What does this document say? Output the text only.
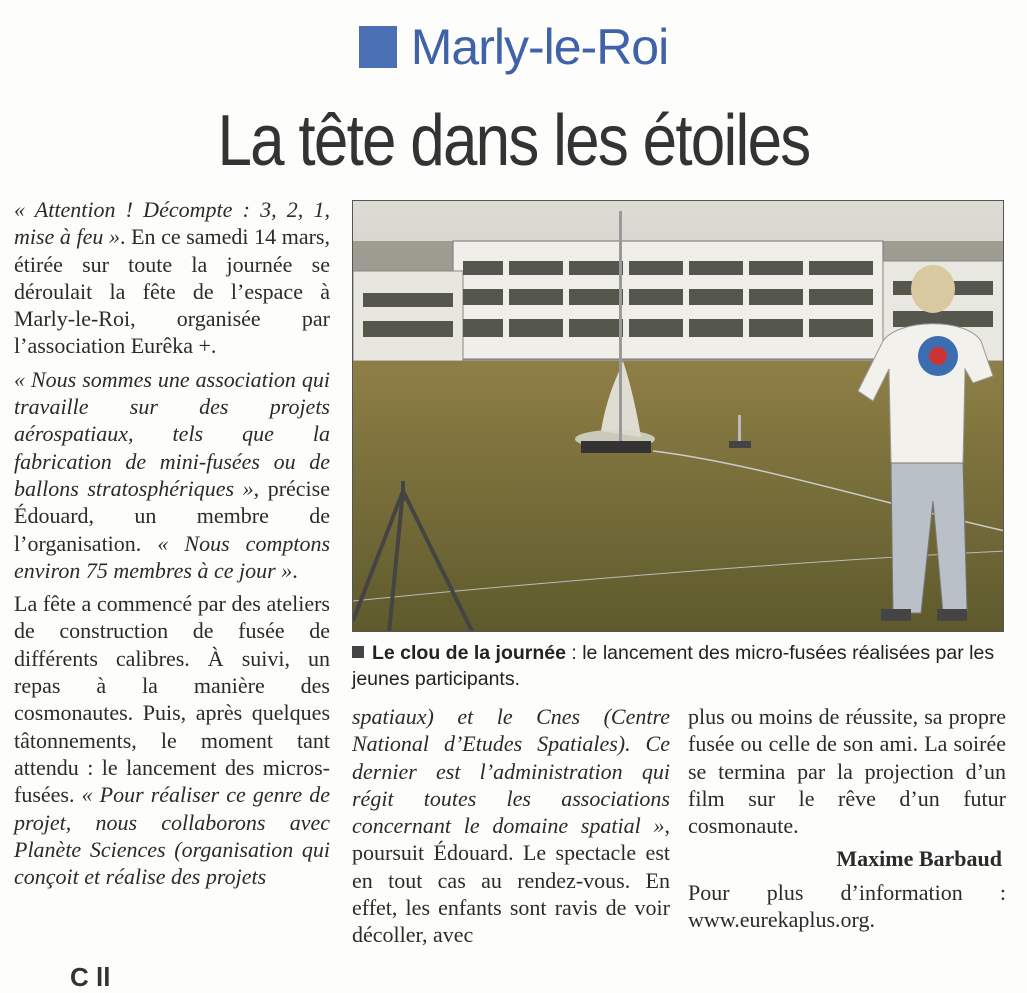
Marly-le-Roi
La tête dans les étoiles

« Attention ! Décompte : 3, 2, 1, mise à feu ». En ce samedi 14 mars, étirée sur toute la journée se déroulait la fête de l’espace à Marly-le-Roi, organisée par l’association Eurêka +.

« Nous sommes une association qui travaille sur des projets aérospatiaux, tels que la fabrication de mini-fusées ou de ballons stratosphériques », précise Édouard, un membre de l’organisation. « Nous comptons environ 75 membres à ce jour ».

La fête a commencé par des ateliers de construction de fusée de différents calibres. À suivi, un repas à la manière des cosmonautes. Puis, après quelques tâtonnements, le moment tant attendu : le lancement des micros-fusées. « Pour réaliser ce genre de projet, nous collaborons avec Planète Sciences (organisation qui conçoit et réalise des projets

Le clou de la journée : le lancement des micro-fusées réalisées par les jeunes participants.

spatiaux) et le Cnes (Centre National d’Etudes Spatiales). Ce dernier est l’administration qui régit toutes les associations concernant le domaine spatial », poursuit Édouard. Le spectacle est en tout cas au rendez-vous. En effet, les enfants sont ravis de voir décoller, avec

plus ou moins de réussite, sa propre fusée ou celle de son ami. La soirée se termina par la projection d’un film sur le rêve d’un futur cosmonaute.

Maxime Barbaud

Pour plus d’information : www.eurekaplus.org.

C ll
